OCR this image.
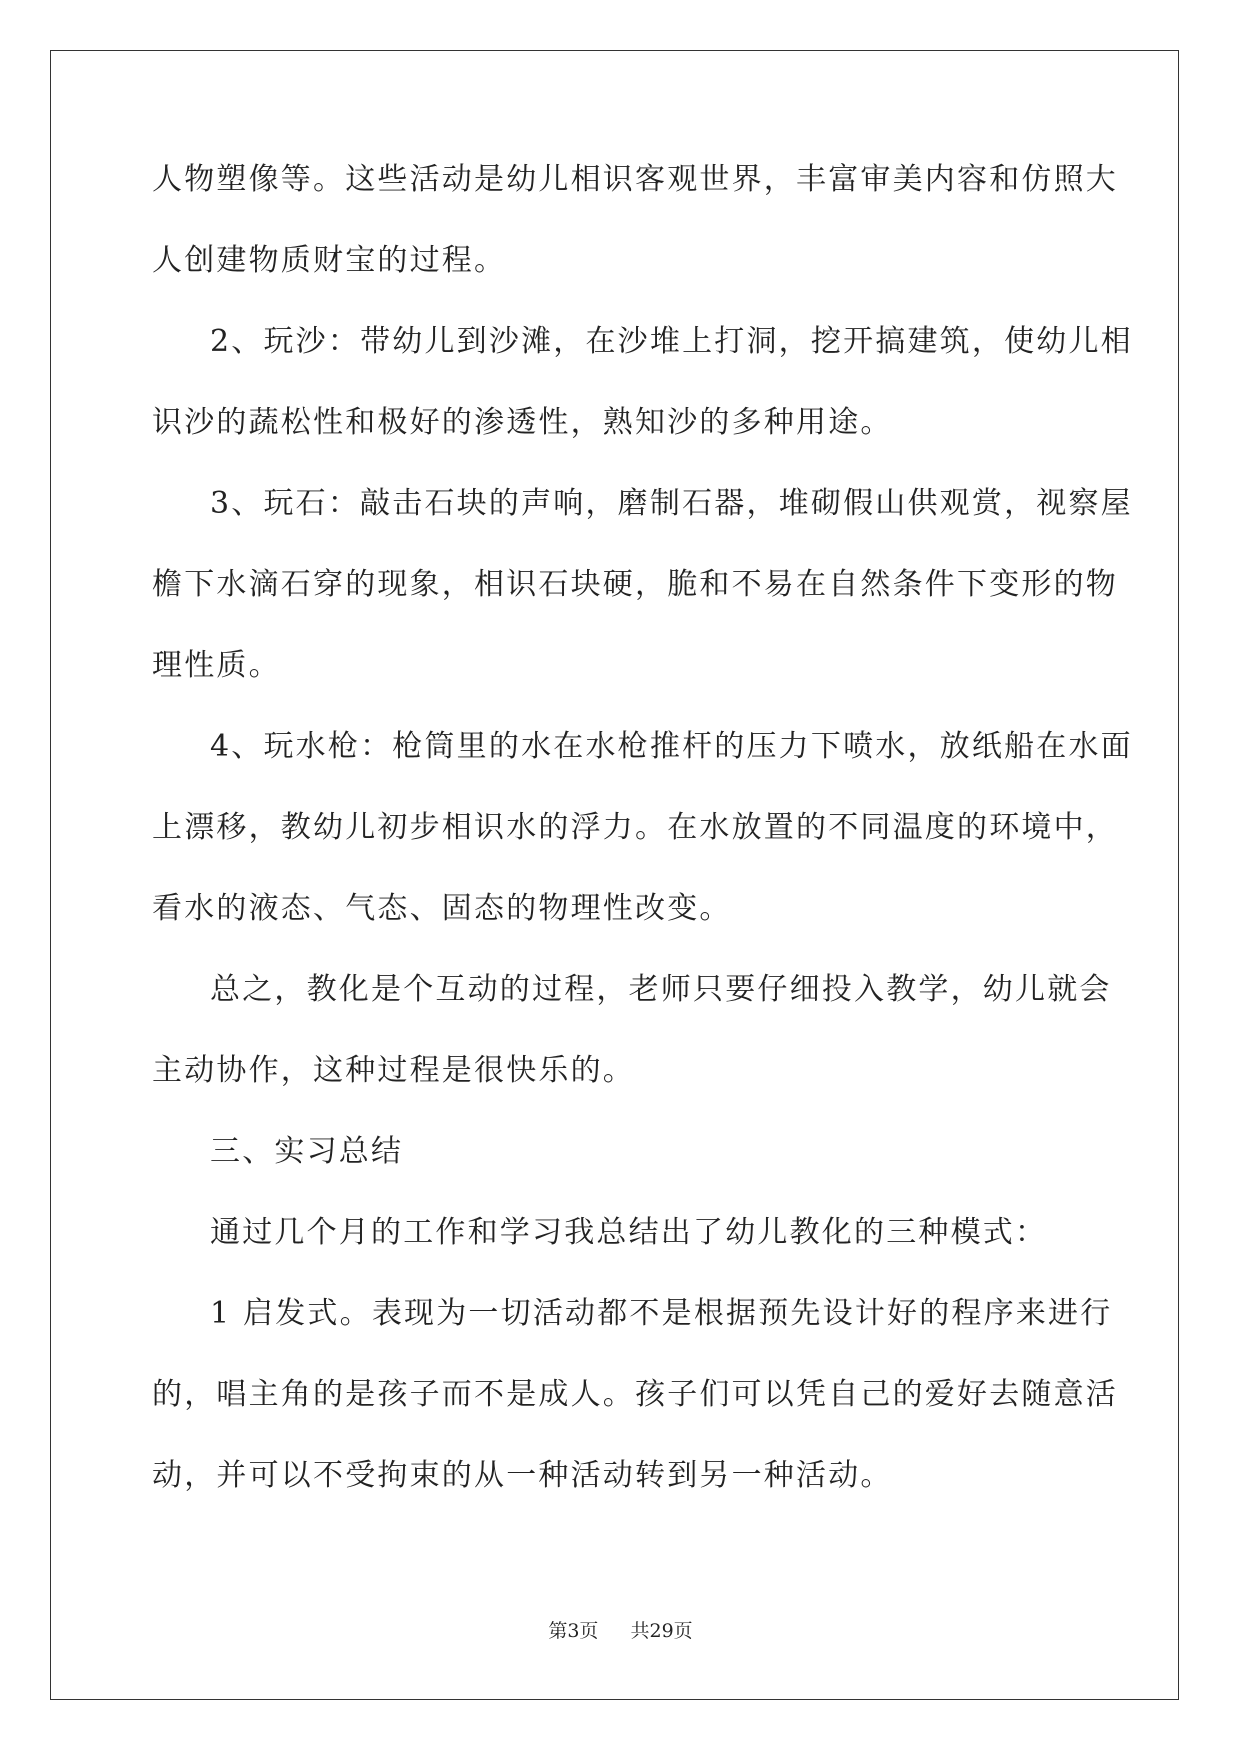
人物塑像等。这些活动是幼儿相识客观世界，丰富审美内容和仿照大

人创建物质财宝的过程。

2、玩沙：带幼儿到沙滩，在沙堆上打洞，挖开搞建筑，使幼儿相

识沙的蔬松性和极好的渗透性，熟知沙的多种用途。

3、玩石：敲击石块的声响，磨制石器，堆砌假山供观赏，视察屋

檐下水滴石穿的现象，相识石块硬，脆和不易在自然条件下变形的物

理性质。

4、玩水枪：枪筒里的水在水枪推杆的压力下喷水，放纸船在水面

上漂移，教幼儿初步相识水的浮力。在水放置的不同温度的环境中，

看水的液态、气态、固态的物理性改变。

总之，教化是个互动的过程，老师只要仔细投入教学，幼儿就会

主动协作，这种过程是很快乐的。

三、实习总结

通过几个月的工作和学习我总结出了幼儿教化的三种模式：

1 启发式。表现为一切活动都不是根据预先设计好的程序来进行

的，唱主角的是孩子而不是成人。孩子们可以凭自己的爱好去随意活

动，并可以不受拘束的从一种活动转到另一种活动。

第3页 共29页
